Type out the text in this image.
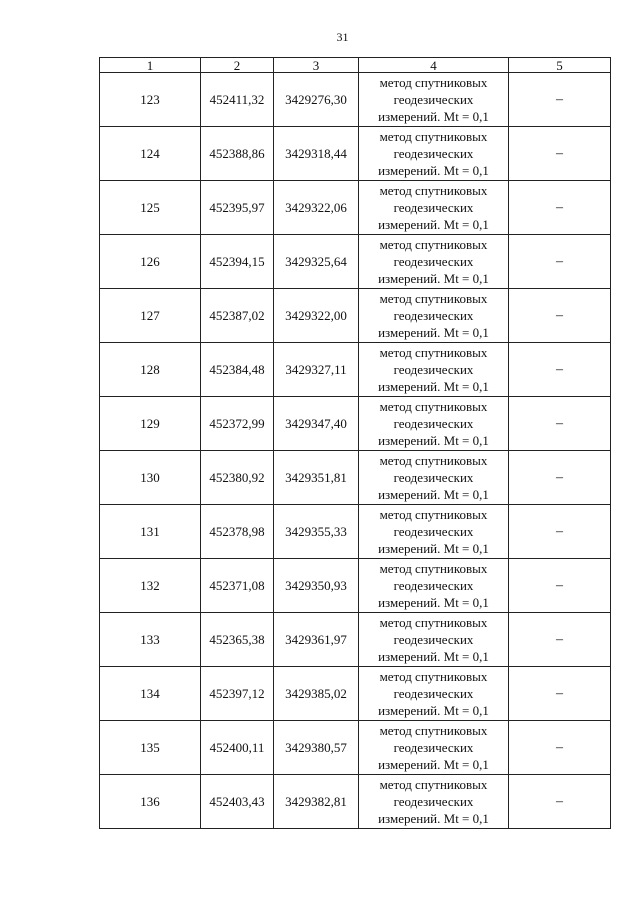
31
1	2	3	4	5
123	452411,32	3429276,30	метод спутниковых
геодезических
измерений. Mt = 0,1	–
124	452388,86	3429318,44	метод спутниковых
геодезических
измерений. Mt = 0,1	–
125	452395,97	3429322,06	метод спутниковых
геодезических
измерений. Mt = 0,1	–
126	452394,15	3429325,64	метод спутниковых
геодезических
измерений. Mt = 0,1	–
127	452387,02	3429322,00	метод спутниковых
геодезических
измерений. Mt = 0,1	–
128	452384,48	3429327,11	метод спутниковых
геодезических
измерений. Mt = 0,1	–
129	452372,99	3429347,40	метод спутниковых
геодезических
измерений. Mt = 0,1	–
130	452380,92	3429351,81	метод спутниковых
геодезических
измерений. Mt = 0,1	–
131	452378,98	3429355,33	метод спутниковых
геодезических
измерений. Mt = 0,1	–
132	452371,08	3429350,93	метод спутниковых
геодезических
измерений. Mt = 0,1	–
133	452365,38	3429361,97	метод спутниковых
геодезических
измерений. Mt = 0,1	–
134	452397,12	3429385,02	метод спутниковых
геодезических
измерений. Mt = 0,1	–
135	452400,11	3429380,57	метод спутниковых
геодезических
измерений. Mt = 0,1	–
136	452403,43	3429382,81	метод спутниковых
геодезических
измерений. Mt = 0,1	–
